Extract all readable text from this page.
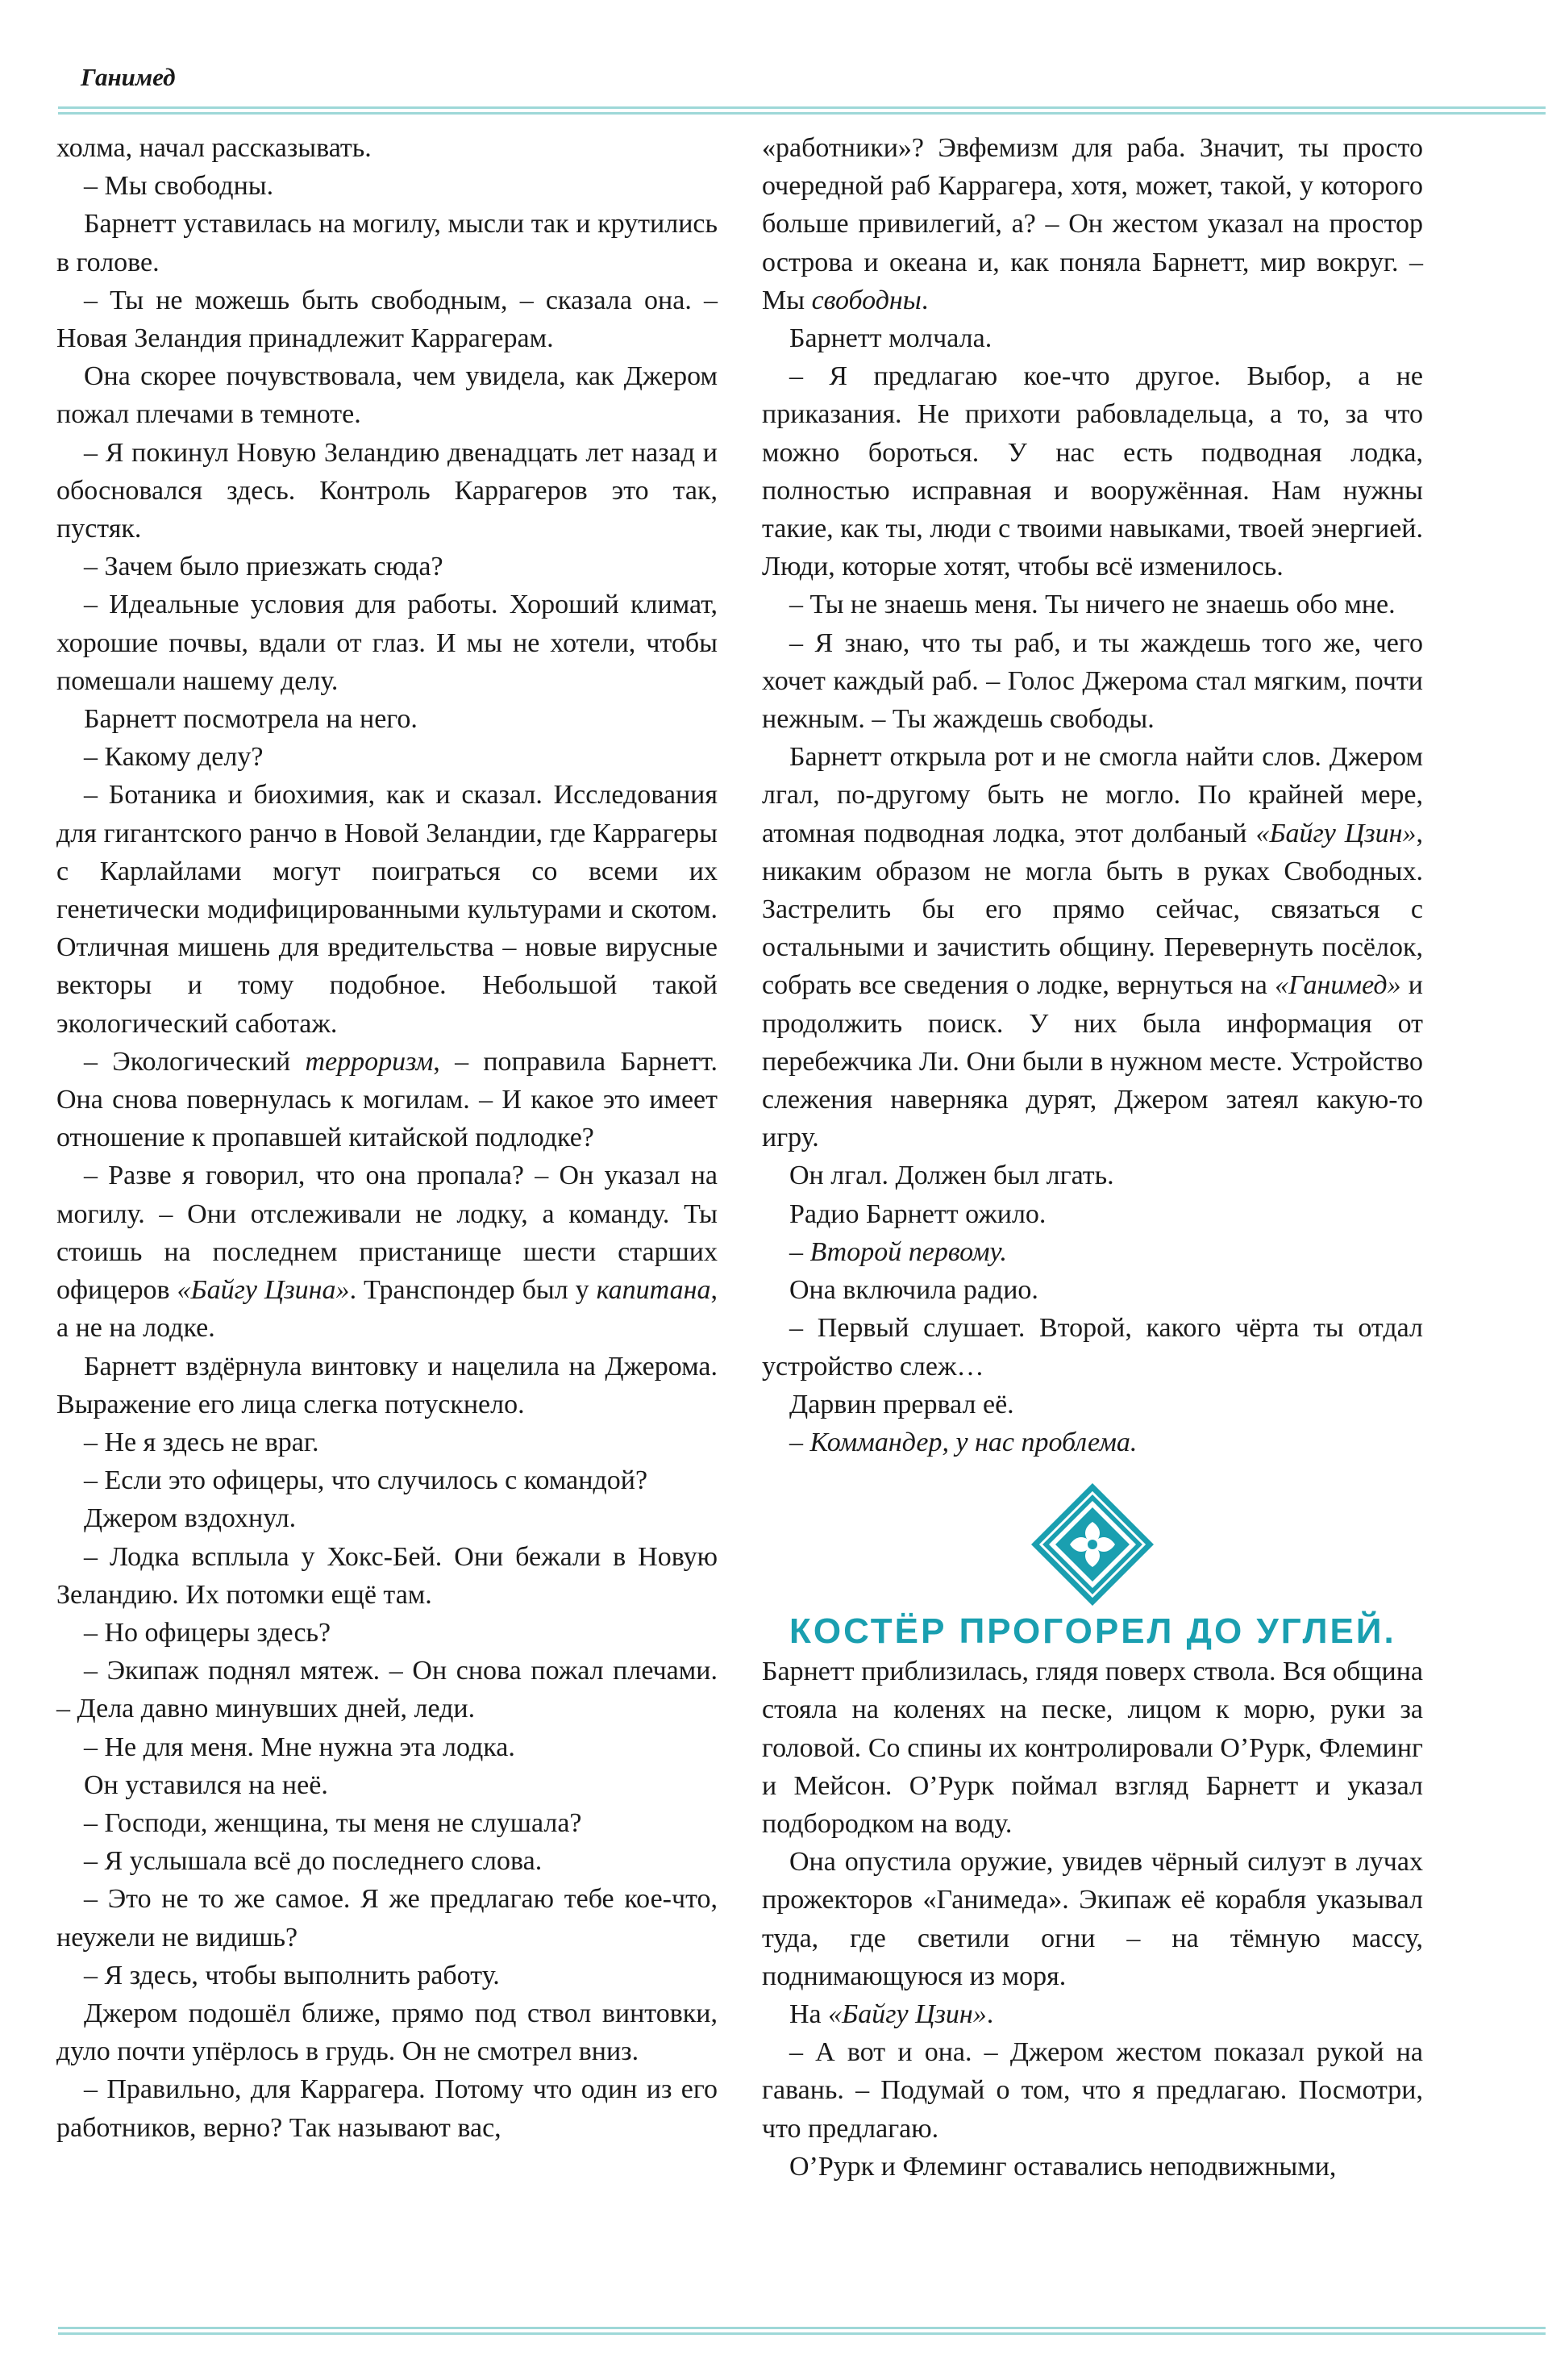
Ганимед

холма, начал рассказывать.

– Мы свободны.

Барнетт уставилась на могилу, мысли так и крутились в голове.

– Ты не можешь быть свободным, – сказала она. – Новая Зеландия принадлежит Каррагерам.

Она скорее почувствовала, чем увидела, как Джером пожал плечами в темноте.

– Я покинул Новую Зеландию двенадцать лет назад и обосновался здесь. Контроль Каррагеров это так, пустяк.

– Зачем было приезжать сюда?

– Идеальные условия для работы. Хороший климат, хорошие почвы, вдали от глаз. И мы не хотели, чтобы помешали нашему делу.

Барнетт посмотрела на него.

– Какому делу?

– Ботаника и биохимия, как и сказал. Исследования для гигантского ранчо в Новой Зеландии, где Каррагеры с Карлайлами могут поиграться со всеми их генетически модифицированными культурами и скотом. Отличная мишень для вредительства – новые вирусные векторы и тому подобное. Небольшой такой экологический саботаж.

– Экологический терроризм, – поправила Барнетт. Она снова повернулась к могилам. – И какое это имеет отношение к пропавшей китайской подлодке?

– Разве я говорил, что она пропала? – Он указал на могилу. – Они отслеживали не лодку, а команду. Ты стоишь на последнем пристанище шести старших офицеров «Байгу Цзина». Транспондер был у капитана, а не на лодке.

Барнетт вздёрнула винтовку и нацелила на Джерома. Выражение его лица слегка потускнело.

– Не я здесь не враг.

– Если это офицеры, что случилось с командой?

Джером вздохнул.

– Лодка всплыла у Хокс-Бей. Они бежали в Новую Зеландию. Их потомки ещё там.

– Но офицеры здесь?

– Экипаж поднял мятеж. – Он снова пожал плечами. – Дела давно минувших дней, леди.

– Не для меня. Мне нужна эта лодка.

Он уставился на неё.

– Господи, женщина, ты меня не слушала?

– Я услышала всё до последнего слова.

– Это не то же самое. Я же предлагаю тебе кое-что, неужели не видишь?

– Я здесь, чтобы выполнить работу.

Джером подошёл ближе, прямо под ствол винтовки, дуло почти упёрлось в грудь. Он не смотрел вниз.

– Правильно, для Каррагера. Потому что один из его работников, верно? Так называют вас,

«работники»? Эвфемизм для раба. Значит, ты просто очередной раб Каррагера, хотя, может, такой, у которого больше привилегий, а? – Он жестом указал на простор острова и океана и, как поняла Барнетт, мир вокруг. – Мы свободны.

Барнетт молчала.

– Я предлагаю кое-что другое. Выбор, а не приказания. Не прихоти рабовладельца, а то, за что можно бороться. У нас есть подводная лодка, полностью исправная и вооружённая. Нам нужны такие, как ты, люди с твоими навыками, твоей энергией. Люди, которые хотят, чтобы всё изменилось.

– Ты не знаешь меня. Ты ничего не знаешь обо мне.

– Я знаю, что ты раб, и ты жаждешь того же, чего хочет каждый раб. – Голос Джерома стал мягким, почти нежным. – Ты жаждешь свободы.

Барнетт открыла рот и не смогла найти слов. Джером лгал, по-другому быть не могло. По крайней мере, атомная подводная лодка, этот долбаный «Байгу Цзин», никаким образом не могла быть в руках Свободных. Застрелить бы его прямо сейчас, связаться с остальными и зачистить общину. Перевернуть посёлок, собрать все сведения о лодке, вернуться на «Ганимед» и продолжить поиск. У них была информация от перебежчика Ли. Они были в нужном месте. Устройство слежения наверняка дурят, Джером затеял какую-то игру.

Он лгал. Должен был лгать.

Радио Барнетт ожило.

– Второй первому.

Она включила радио.

– Первый слушает. Второй, какого чёрта ты отдал устройство слеж…

Дарвин прервал её.

– Коммандер, у нас проблема.

КОСТЁР ПРОГОРЕЛ ДО УГЛЕЙ.

Барнетт приблизилась, глядя поверх ствола. Вся община стояла на коленях на песке, лицом к морю, руки за головой. Со спины их контролировали О’Рурк, Флеминг и Мейсон. О’Рурк поймал взгляд Барнетт и указал подбородком на воду.

Она опустила оружие, увидев чёрный силуэт в лучах прожекторов «Ганимеда». Экипаж её корабля указывал туда, где светили огни – на тёмную массу, поднимающуюся из моря.

На «Байгу Цзин».

– А вот и она. – Джером жестом показал рукой на гавань. – Подумай о том, что я предлагаю. Посмотри, что предлагаю.

О’Рурк и Флеминг оставались неподвижными,
